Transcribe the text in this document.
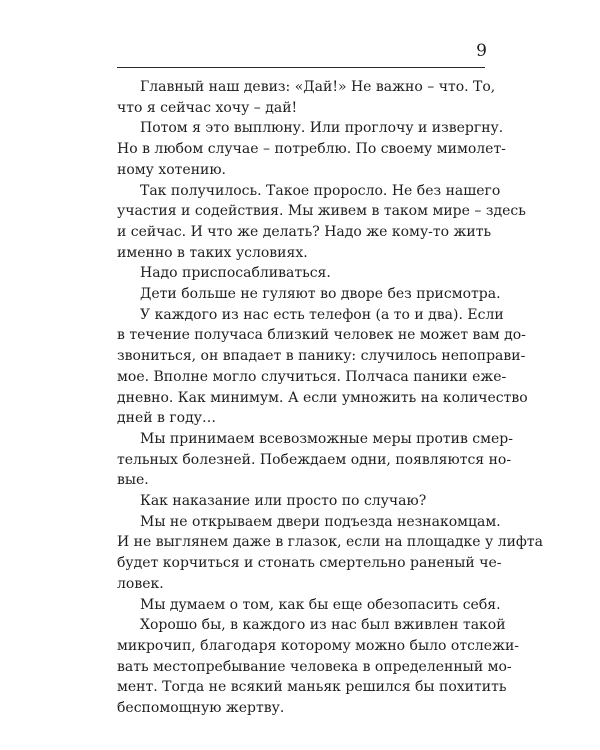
9
Главный наш девиз: «Дай!» Не важно – что. То,
что я сейчас хочу – дай!
Потом я это выплюну. Или проглочу и извергну.
Но в любом случае – потреблю. По своему мимолет-
ному хотению.
Так получилось. Такое проросло. Не без нашего
участия и содействия. Мы живем в таком мире – здесь
и сейчас. И что же делать? Надо же кому-то жить
именно в таких условиях.
Надо приспосабливаться.
Дети больше не гуляют во дворе без присмотра.
У каждого из нас есть телефон (а то и два). Если
в течение получаса близкий человек не может вам до-
звониться, он впадает в панику: случилось непоправи-
мое. Вполне могло случиться. Полчаса паники еже-
дневно. Как минимум. А если умножить на количество
дней в году…
Мы принимаем всевозможные меры против смер-
тельных болезней. Побеждаем одни, появляются но-
вые.
Как наказание или просто по случаю?
Мы не открываем двери подъезда незнакомцам.
И не выглянем даже в глазок, если на площадке у лифта
будет корчиться и стонать смертельно раненый че-
ловек.
Мы думаем о том, как бы еще обезопасить себя.
Хорошо бы, в каждого из нас был вживлен такой
микрочип, благодаря которому можно было отслежи-
вать местопребывание человека в определенный мо-
мент. Тогда не всякий маньяк решился бы похитить
беспомощную жертву.
